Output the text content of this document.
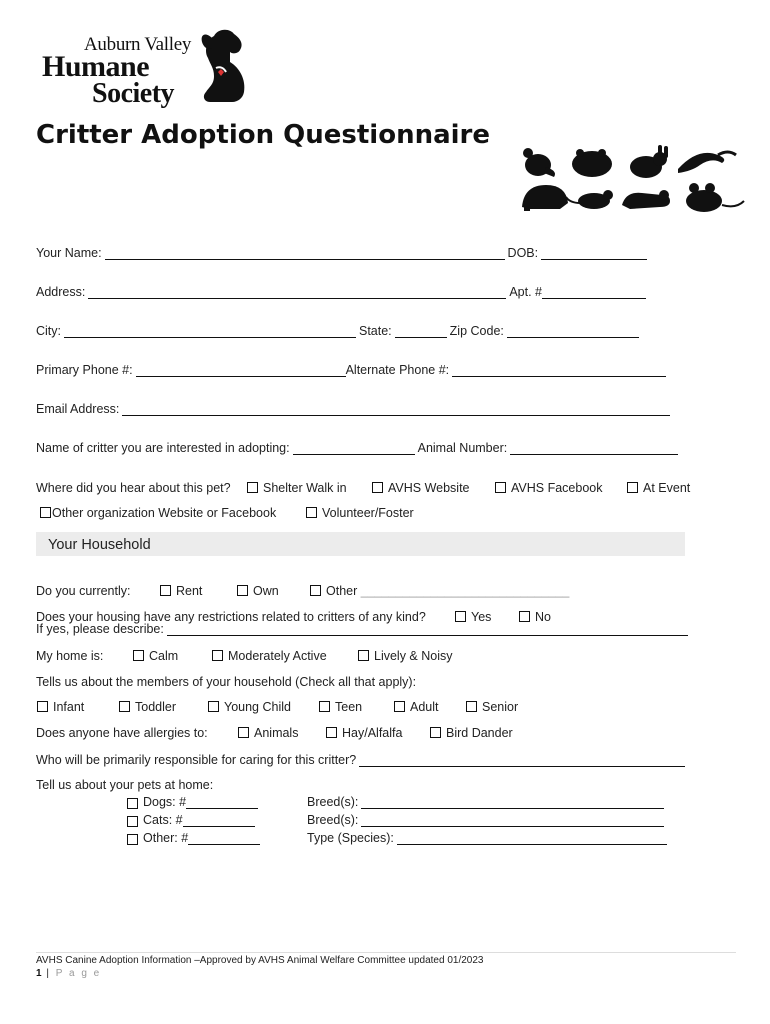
Auburn Valley
Humane
Society
Critter Adoption Questionnaire
Your Name:	DOB:
Address:	Apt. #
City:	State:	Zip Code:
Primary Phone #:	Alternate Phone #:
Email Address:
Name of critter you are interested in adopting:	Animal Number:
Where did you hear about this pet?	Shelter Walk in	AVHS Website	AVHS Facebook	At Event
Other organization Website or Facebook	Volunteer/Foster
Your Household
Do you currently:	Rent	Own	Other ______________________________
Does your housing have any restrictions related to critters of any kind?	Yes	No
If yes, please describe:
My home is:	Calm	Moderately Active	Lively & Noisy
Tells us about the members of your household (Check all that apply):
Infant	Toddler	Young Child	Teen	Adult	Senior
Does anyone have allergies to:	Animals	Hay/Alfalfa	Bird Dander
Who will be primarily responsible for caring for this critter?
Tell us about your pets at home:
Dogs: #	Breed(s):
Cats: #	Breed(s):
Other: #	Type (Species):
AVHS Canine Adoption Information –Approved by AVHS Animal Welfare Committee updated 01/2023
1 | P a g e
